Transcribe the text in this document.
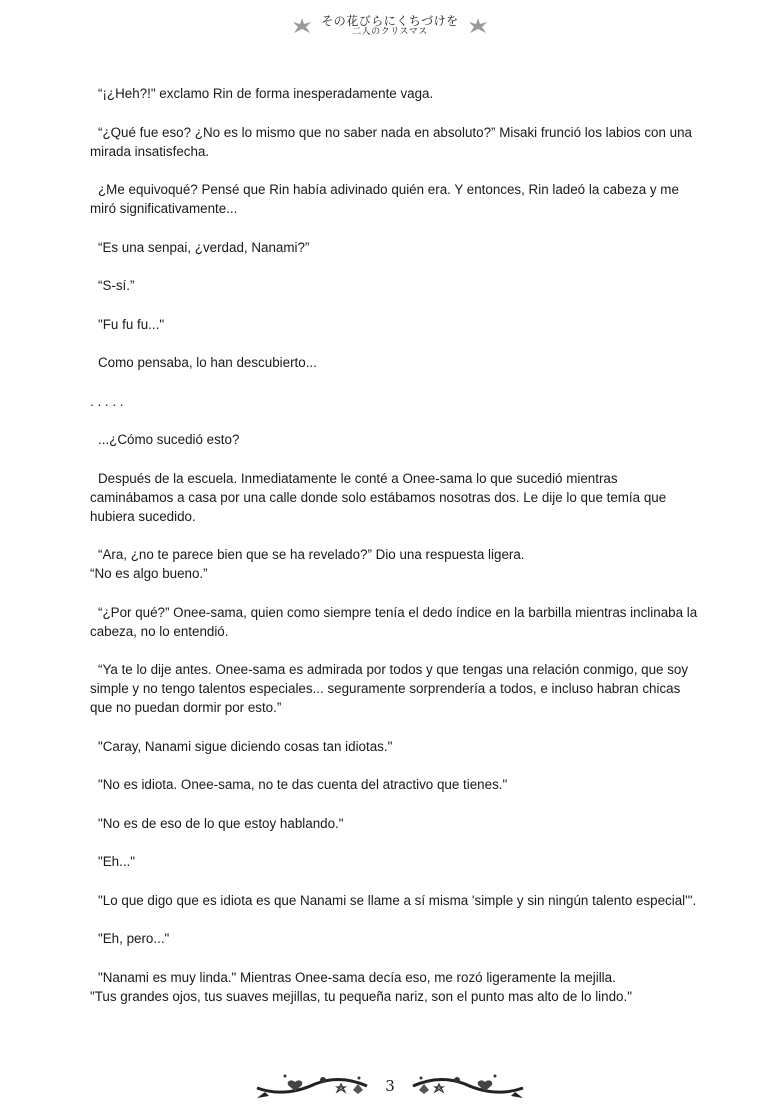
その花びらにくちづけを
二人のクリスマス

“¡¿Heh?!" exclamo Rin de forma inesperadamente vaga.

“¿Qué fue eso? ¿No es lo mismo que no saber nada en absoluto?” Misaki frunció los labios con una mirada insatisfecha.

¿Me equivoqué? Pensé que Rin había adivinado quién era. Y entonces, Rin ladeó la cabeza y me miró significativamente...

“Es una senpai, ¿verdad, Nanami?”

“S-sí.”

"Fu fu fu..."

Como pensaba, lo han descubierto...

. . . . .

...¿Cómo sucedió esto?

Después de la escuela. Inmediatamente le conté a Onee-sama lo que sucedió mientras caminábamos a casa por una calle donde solo estábamos nosotras dos. Le dije lo que temía que hubiera sucedido.

“Ara, ¿no te parece bien que se ha revelado?” Dio una respuesta ligera.
“No es algo bueno.”

“¿Por qué?” Onee-sama, quien como siempre tenía el dedo índice en la barbilla mientras inclinaba la cabeza, no lo entendió.

“Ya te lo dije antes. Onee-sama es admirada por todos y que tengas una relación conmigo, que soy simple y no tengo talentos especiales... seguramente sorprendería a todos, e incluso habran chicas que no puedan dormir por esto.”

"Caray, Nanami sigue diciendo cosas tan idiotas."

"No es idiota. Onee-sama, no te das cuenta del atractivo que tienes."

"No es de eso de lo que estoy hablando."

"Eh..."

"Lo que digo que es idiota es que Nanami se llame a sí misma 'simple y sin ningún talento especial'".

"Eh, pero..."

"Nanami es muy linda." Mientras Onee-sama decía eso, me rozó ligeramente la mejilla.
"Tus grandes ojos, tus suaves mejillas, tu pequeña nariz, son el punto mas alto de lo lindo."

3
